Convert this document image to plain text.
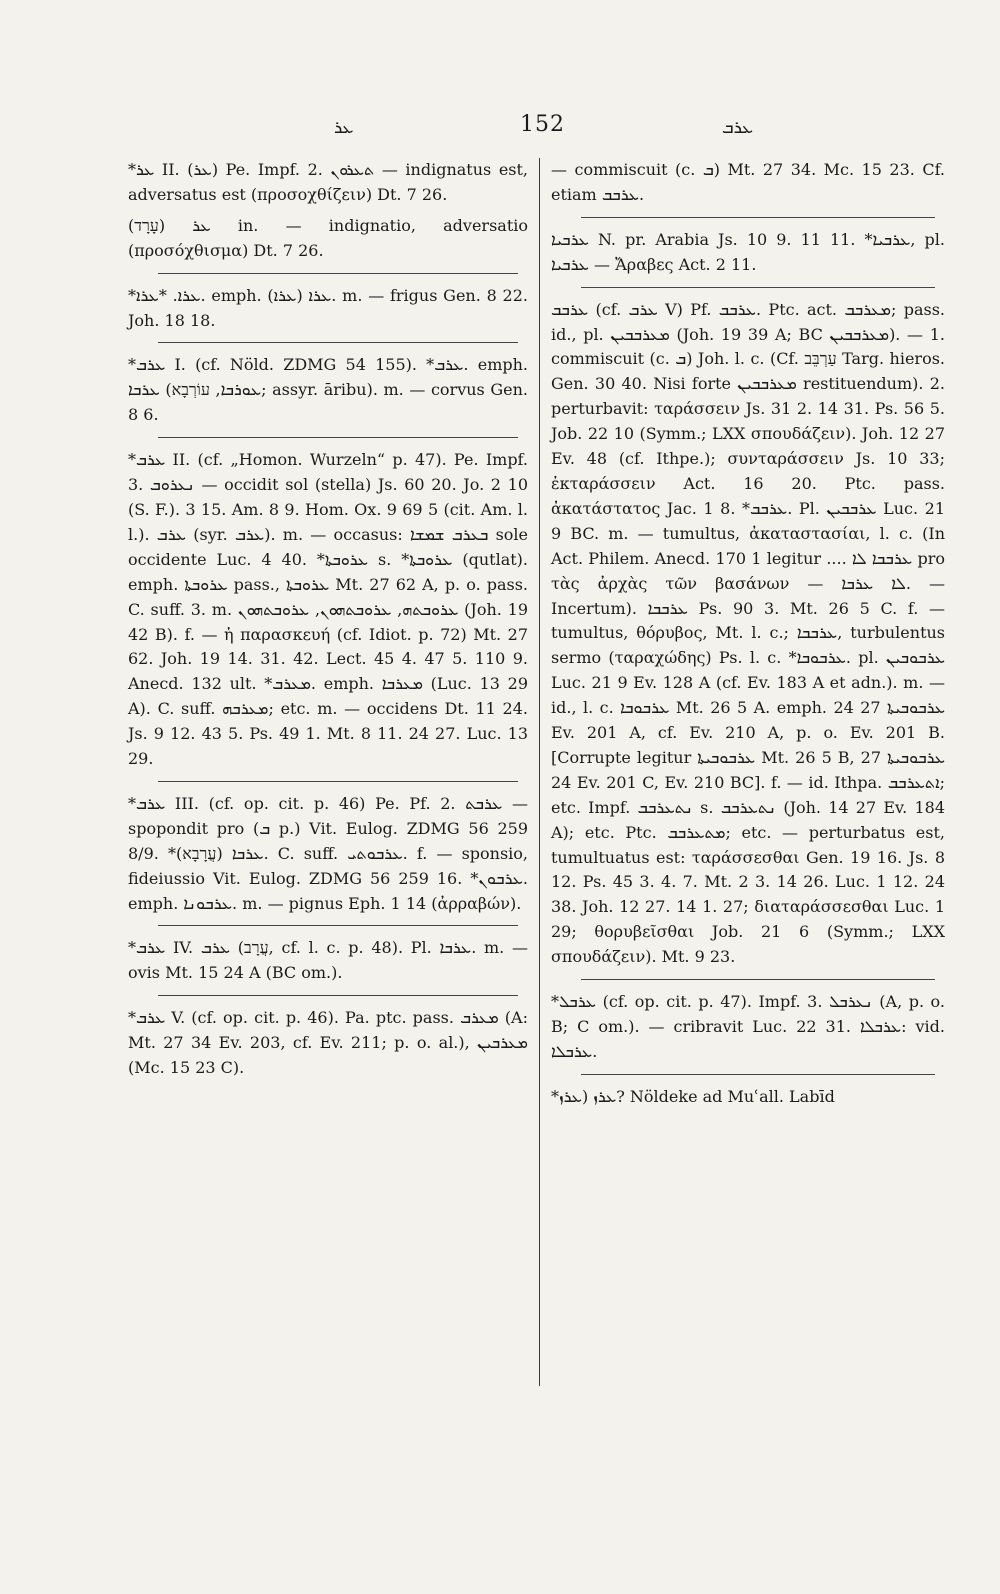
ܥܪ	152	ܥܪܒ

*ܥܪ II. (ܥܪ) Pe. Impf. 2. ܬܥܪܘܢ — indignatus est, adversatus est (προσοχθίζειν) Dt. 7 26.

ܥܪ (עָרָד) in. — indignatio, adversatio (προσόχθισμα) Dt. 7 26.

*ܥܪܐ. *ܥܪܐ. emph. ܥܪܐ (ܥܪܐ). m. — frigus Gen. 8 22. Joh. 18 18.

*ܥܪܒ I. (cf. Nöld. ZDMG 54 155). *ܥܪܒ. emph. ܥܪܒܐ (ܥܘܪܒܐ, עוֹרְבָא; assyr. āribu). m. — corvus Gen. 8 6.

*ܥܪܒ II. (cf. „Homon. Wurzeln“ p. 47). Pe. Impf. 3. ܢܥܪܘܒ — occidit sol (stella) Js. 60 20. Jo. 2 10 (S. F.). 3 15. Am. 8 9. Hom. Ox. 9 69 5 (cit. Am. l. l.). ܥܪܒ (syr. ܥܪܒ). m. — occasus: ܒܥܪܒ ܫܡܫܐ sole occidente Luc. 4 40. *ܥܪܘܒܬܐ s. *ܥܪܘܒܬܐ (qutlat). emph. ܥܪܘܒܬܐ pass., ܥܪܘܒܬܐ Mt. 27 62 A, p. o. pass. C. suff. 3. m. ܥܪܘܒܬܗ, ܥܪܘܒܬܗܘܢ, ܥܪܘܒܬܗܘܢ (Joh. 19 42 B). f. — ἡ παρασκευή (cf. Idiot. p. 72) Mt. 27 62. Joh. 19 14. 31. 42. Lect. 45 4. 47 5. 110 9. Anecd. 132 ult. *ܡܥܪܒ. emph. ܡܥܪܒܐ (Luc. 13 29 A). C. suff. ܡܥܪܒܗ; etc. m. — occidens Dt. 11 24. Js. 9 12. 43 5. Ps. 49 1. Mt. 8 11. 24 27. Luc. 13 29.

*ܥܪܒ III. (cf. op. cit. p. 46) Pe. Pf. 2. ܥܪܒܬ — spopondit pro (ܒ p.) Vit. Eulog. ZDMG 56 259 8/9. *ܥܪܒܐ (עֲרָבָא). C. suff. ܥܪܒܘܬܝ. f. — sponsio, fideiussio Vit. Eulog. ZDMG 56 259 16. *ܥܪܒܘܢ. emph. ܥܪܒܘܢܐ. m. — pignus Eph. 1 14 (ἀρραβών).

*ܥܪܒ IV. ܥܪܒ (עֲרָב, cf. l. c. p. 48). Pl. ܥܪܒܐ. m. — ovis Mt. 15 24 A (BC om.).

*ܥܪܒ V. (cf. op. cit. p. 46). Pa. ptc. pass. ܡܥܪܒ (A: Mt. 27 34 Ev. 203, cf. Ev. 211; p. o. al.), ܡܥܪܒܝܢ (Mc. 15 23 C).

— commiscuit (c. ܒ) Mt. 27 34. Mc. 15 23. Cf. etiam ܥܪܒܒ.

ܥܪܒܝܐ N. pr. Arabia Js. 10 9. 11 11. *ܥܪܒܝܐ, pl. ܥܪܒܝܐ — Ἄραβες Act. 2 11.

ܥܪܒܒ (cf. ܥܪܒ V) Pf. ܥܪܒܒ. Ptc. act. ܡܥܪܒܒ; pass. id., pl. ܡܥܪܒܒܝܢ (Joh. 19 39 A; BC ܡܥܪܒܒܝܢ). — 1. commiscuit (c. ܒ) Joh. l. c. (Cf. עַרְבֵּב Targ. hieros. Gen. 30 40. Nisi forte ܡܥܪܒܒܝܢ restituendum). 2. perturbavit: ταράσσειν Js. 31 2. 14 31. Ps. 56 5. Job. 22 10 (Symm.; LXX σπουδάζειν). Joh. 12 27 Ev. 48 (cf. Ithpe.); συνταράσσειν Js. 10 33; ἐκταράσσειν Act. 16 20. Ptc. pass. ἀκατάστατος Jac. 1 8. *ܥܪܒܒ. Pl. ܥܪܒܒܝܢ Luc. 21 9 BC. m. — tumultus, ἀκαταστασίαι, l. c. (In Act. Philem. Anecd. 170 1 legitur .... ܥܪܒܒܐ ܠܐ pro τὰς ἀρχὰς τῶν βασάνων — ܠܐ ܥܪܒܐ. — Incertum). ܥܪܒܒܐ Ps. 90 3. Mt. 26 5 C. f. — tumultus, θόρυβος, Mt. l. c.; ܥܪܒܒܐ, turbulentus sermo (ταραχώδης) Ps. l. c. *ܥܪܒܘܒܐ. pl. ܥܪܒܘܒܝܢ Luc. 21 9 Ev. 128 A (cf. Ev. 183 A et adn.). m. — id., l. c. ܥܪܒܘܒܐ Mt. 26 5 A. emph. ܥܪܒܘܒܝܬܐ 27 24 Ev. 201 A, cf. Ev. 210 A, p. o. Ev. 201 B. [Corrupte legitur ܥܪܒܘܒܝܬܐ Mt. 26 5 B, ܥܪܒܘܒܝܬܐ 27 24 Ev. 201 C, Ev. 210 BC]. f. — id. Ithpa. ܐܬܥܪܒܒ; etc. Impf. ܢܬܥܪܒܒ s. ܢܬܥܪܒܒ (Joh. 14 27 Ev. 184 A); etc. Ptc. ܡܬܥܪܒܒ; etc. — perturbatus est, tumultuatus est: ταράσσεσθαι Gen. 19 16. Js. 8 12. Ps. 45 3. 4. 7. Mt. 2 3. 14 26. Luc. 1 12. 24 38. Joh. 12 27. 14 1. 27; διαταράσσεσθαι Luc. 1 29; θορυβεῖσθαι Job. 21 6 (Symm.; LXX σπουδάζειν). Mt. 9 23.

*ܥܪܒܠ (cf. op. cit. p. 47). Impf. 3. ܢܥܪܒܠ (A, p. o. B; C om.). — cribravit Luc. 22 31. ܥܪܒܠܐ: vid. ܥܪܒܠܐ.

*ܥܪܙ (ܥܪܙ? Nöldeke ad Muʿall. Labīd
